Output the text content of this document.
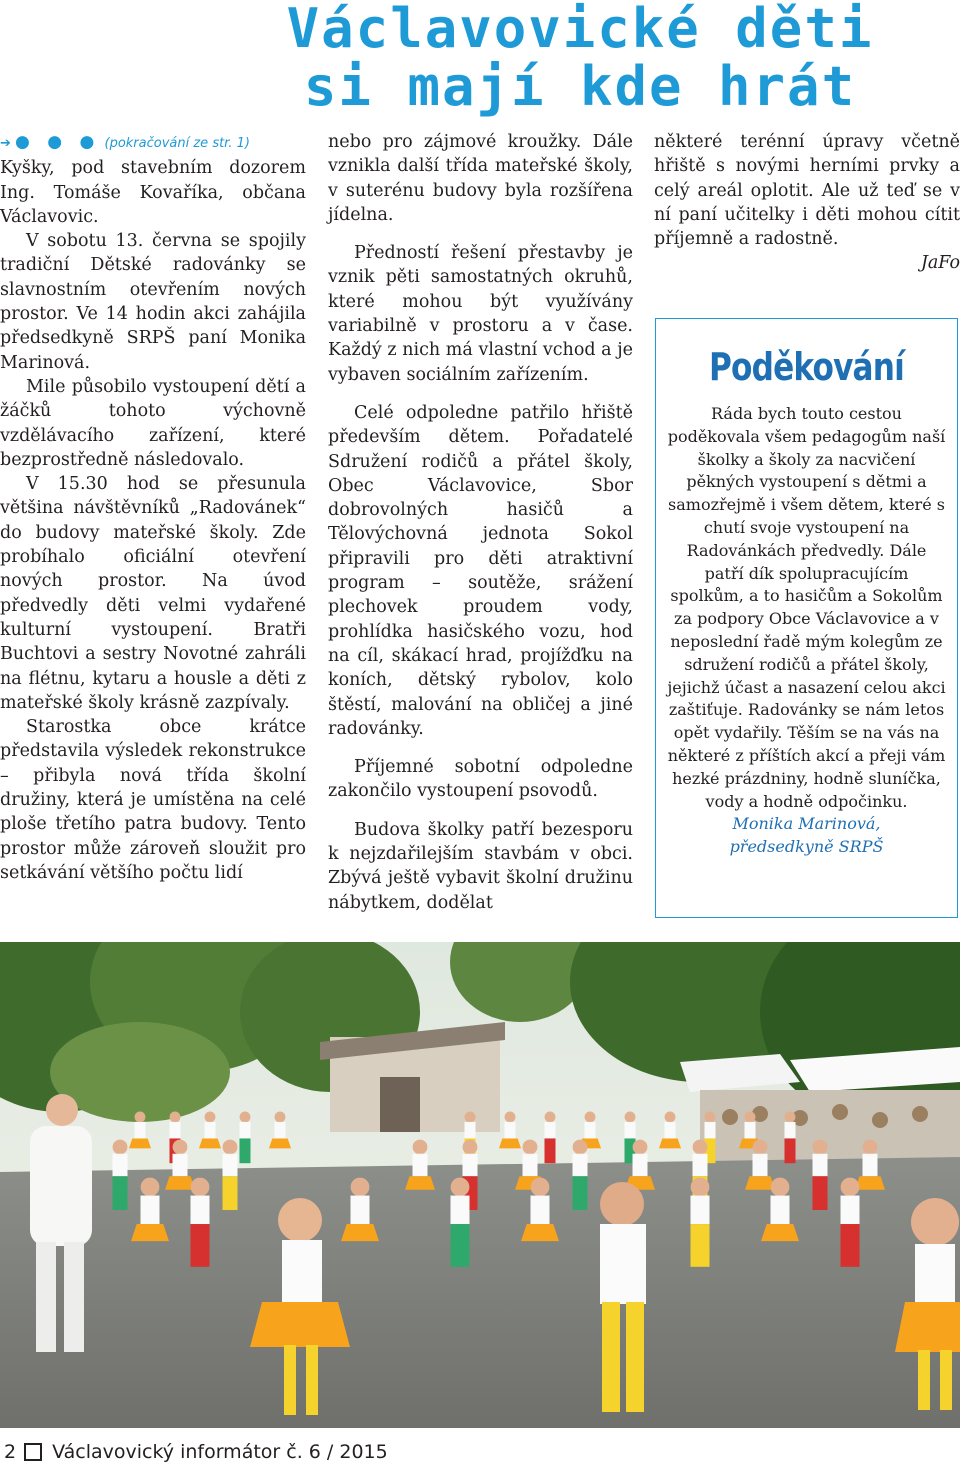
Václavovické děti
si mají kde hrát

➔ ● ● ● (pokračování ze str. 1)

Kyšky, pod stavebním dozorem Ing. Tomáše Kovaříka, občana Václavovic.

V sobotu 13. června se spojily tradiční Dětské radovánky se slavnostním otevřením nových prostor. Ve 14 hodin akci zahájila předsedkyně SRPŠ paní Monika Marinová.

Mile působilo vystoupení dětí a žáčků tohoto výchovně vzdělávacího zařízení, které bezprostředně následovalo.

V 15.30 hod se přesunula většina návštěvníků „Radovánek“ do budovy mateřské školy. Zde probíhalo oficiální otevření nových prostor. Na úvod předvedly děti velmi vydařené kulturní vystoupení. Bratři Buchtovi a sestry Novotné zahráli na flétnu, kytaru a housle a děti z mateřské školy krásně zazpívaly.

Starostka obce krátce představila výsledek rekonstrukce – přibyla nová třída školní družiny, která je umístěna na celé ploše třetího patra budovy. Tento prostor může zároveň sloužit pro setkávání většího počtu lidí

nebo pro zájmové kroužky. Dále vznikla další třída mateřské školy, v suterénu budovy byla rozšířena jídelna.

Předností řešení přestavby je vznik pěti samostatných okruhů, které mohou být využívány variabilně v prostoru a v čase. Každý z nich má vlastní vchod a je vybaven sociálním zařízením.

Celé odpoledne patřilo hřiště především dětem. Pořadatelé Sdružení rodičů a přátel školy, Obec Václavovice, Sbor dobrovolných hasičů a Tělovýchovná jednota Sokol připravili pro děti atraktivní program – soutěže, srážení plechovek proudem vody, prohlídka hasičského vozu, hod na cíl, skákací hrad, projížďku na koních, dětský rybolov, kolo štěstí, malování na obličej a jiné radovánky.

Příjemné sobotní odpoledne zakončilo vystoupení psovodů.

Budova školky patří bezesporu k nejzdařilejším stavbám v obci. Zbývá ještě vybavit školní družinu nábytkem, dodělat

některé terénní úpravy včetně hřiště s novými herními prvky a celý areál oplotit. Ale už teď se v ní paní učitelky i děti mohou cítit příjemně a radostně.

JaFo

Poděkování
Ráda bych touto cestou poděkovala všem pedagogům naší školky a školy za nacvičení pěkných vystoupení s dětmi a samozřejmě i všem dětem, které s chutí svoje vystoupení na Radovánkách předvedly. Dále patří dík spolupracujícím spolkům, a to hasičům a Sokolům za podpory Obce Václavovice a v neposlední řadě mým kolegům ze sdružení rodičů a přátel školy, jejichž účast a nasazení celou akci zaštiťuje. Radovánky se nám letos opět vydařily. Těším se na vás na některé z příštích akcí a přeji vám hezké prázdniny, hodně sluníčka, vody a hodně odpočinku.
Monika Marinová,
předsedkyně SRPŠ
2 Václavovický informátor č. 6 / 2015
